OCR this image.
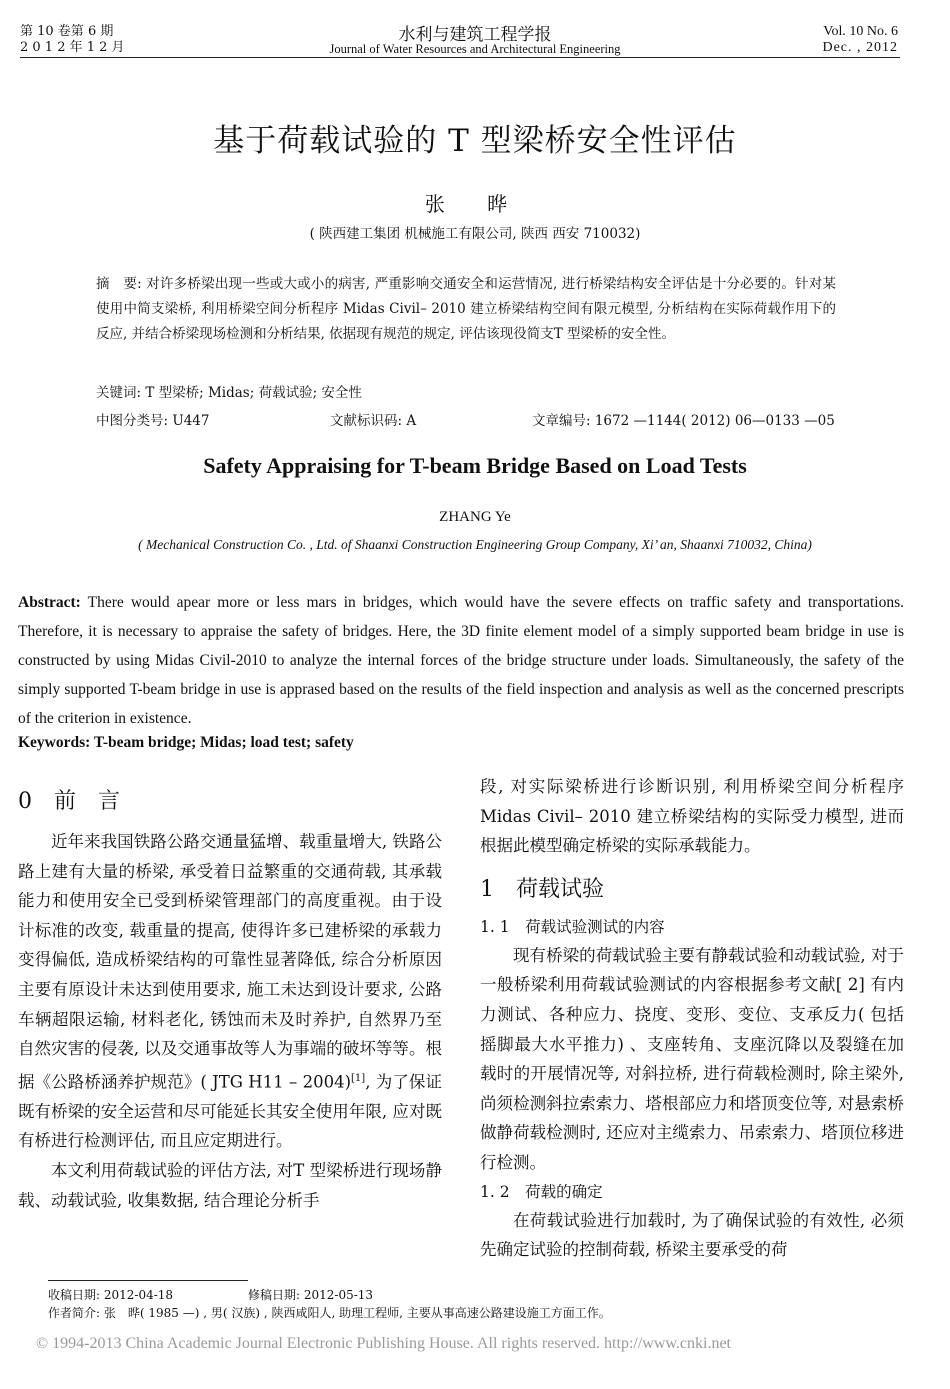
第 10 卷第 6 期
2 0 1 2 年 1 2 月
水利与建筑工程学报
Journal of Water Resources and Architectural Engineering
Vol. 10 No. 6
Dec. , 2012
基于荷载试验的 T 型梁桥安全性评估
张 晔
( 陕西建工集团 机械施工有限公司, 陕西 西安 710032)
摘　要: 对许多桥梁出现一些或大或小的病害, 严重影响交通安全和运营情况, 进行桥梁结构安全评估是十分必要的。针对某使用中简支梁桥, 利用桥梁空间分析程序 Midas Civil– 2010 建立桥梁结构空间有限元模型, 分析结构在实际荷载作用下的反应, 并结合桥梁现场检测和分析结果, 依据现有规范的规定, 评估该现役简支T 型梁桥的安全性。
关键词: T 型梁桥; Midas; 荷载试验; 安全性
中图分类号: U447	文献标识码: A	文章编号: 1672 —1144( 2012) 06—0133 —05
Safety Appraising for T-beam Bridge Based on Load Tests
ZHANG Ye
( Mechanical Construction Co. , Ltd. of Shaanxi Construction Engineering Group Company, Xi’ an, Shaanxi 710032, China)
Abstract: There would apear more or less mars in bridges, which would have the severe effects on traffic safety and transportations. Therefore, it is necessary to appraise the safety of bridges. Here, the 3D finite element model of a simply supported beam bridge in use is constructed by using Midas Civil-2010 to analyze the internal forces of the bridge structure under loads. Simultaneously, the safety of the simply supported T-beam bridge in use is apprased based on the results of the field inspection and analysis as well as the concerned prescripts of the criterion in existence.
Keywords: T-beam bridge; Midas; load test; safety
0　前　言

近年来我国铁路公路交通量猛增、载重量增大, 铁路公路上建有大量的桥梁, 承受着日益繁重的交通荷载, 其承载能力和使用安全已受到桥梁管理部门的高度重视。由于设计标准的改变, 载重量的提高, 使得许多已建桥梁的承载力变得偏低, 造成桥梁结构的可靠性显著降低, 综合分析原因主要有原设计未达到使用要求, 施工未达到设计要求, 公路车辆超限运输, 材料老化, 锈蚀而未及时养护, 自然界乃至自然灾害的侵袭, 以及交通事故等人为事端的破坏等等。根据《公路桥涵养护规范》( JTG H11 – 2004)[1], 为了保证既有桥梁的安全运营和尽可能延长其安全使用年限, 应对既有桥进行检测评估, 而且应定期进行。

本文利用荷载试验的评估方法, 对T 型梁桥进行现场静载、动载试验, 收集数据, 结合理论分析手

段, 对实际梁桥进行诊断识别, 利用桥梁空间分析程序 Midas Civil– 2010 建立桥梁结构的实际受力模型, 进而根据此模型确定桥梁的实际承载能力。

1　荷载试验
1. 1　荷载试验测试的内容

现有桥梁的荷载试验主要有静载试验和动载试验, 对于一般桥梁利用荷载试验测试的内容根据参考文献[ 2] 有内力测试、各种应力、挠度、变形、变位、支承反力( 包括摇脚最大水平推力) 、支座转角、支座沉降以及裂缝在加载时的开展情况等, 对斜拉桥, 进行荷载检测时, 除主梁外, 尚须检测斜拉索索力、塔根部应力和塔顶变位等, 对悬索桥做静荷载检测时, 还应对主缆索力、吊索索力、塔顶位移进行检测。

1. 2　荷载的确定

在荷载试验进行加载时, 为了确保试验的有效性, 必须先确定试验的控制荷载, 桥梁主要承受的荷

收稿日期: 2012-04-18	修稿日期: 2012-05-13
作者简介: 张　晔( 1985 —) , 男( 汉族) , 陕西咸阳人, 助理工程师, 主要从事高速公路建设施工方面工作。
© 1994-2013 China Academic Journal Electronic Publishing House. All rights reserved. http://www.cnki.net
